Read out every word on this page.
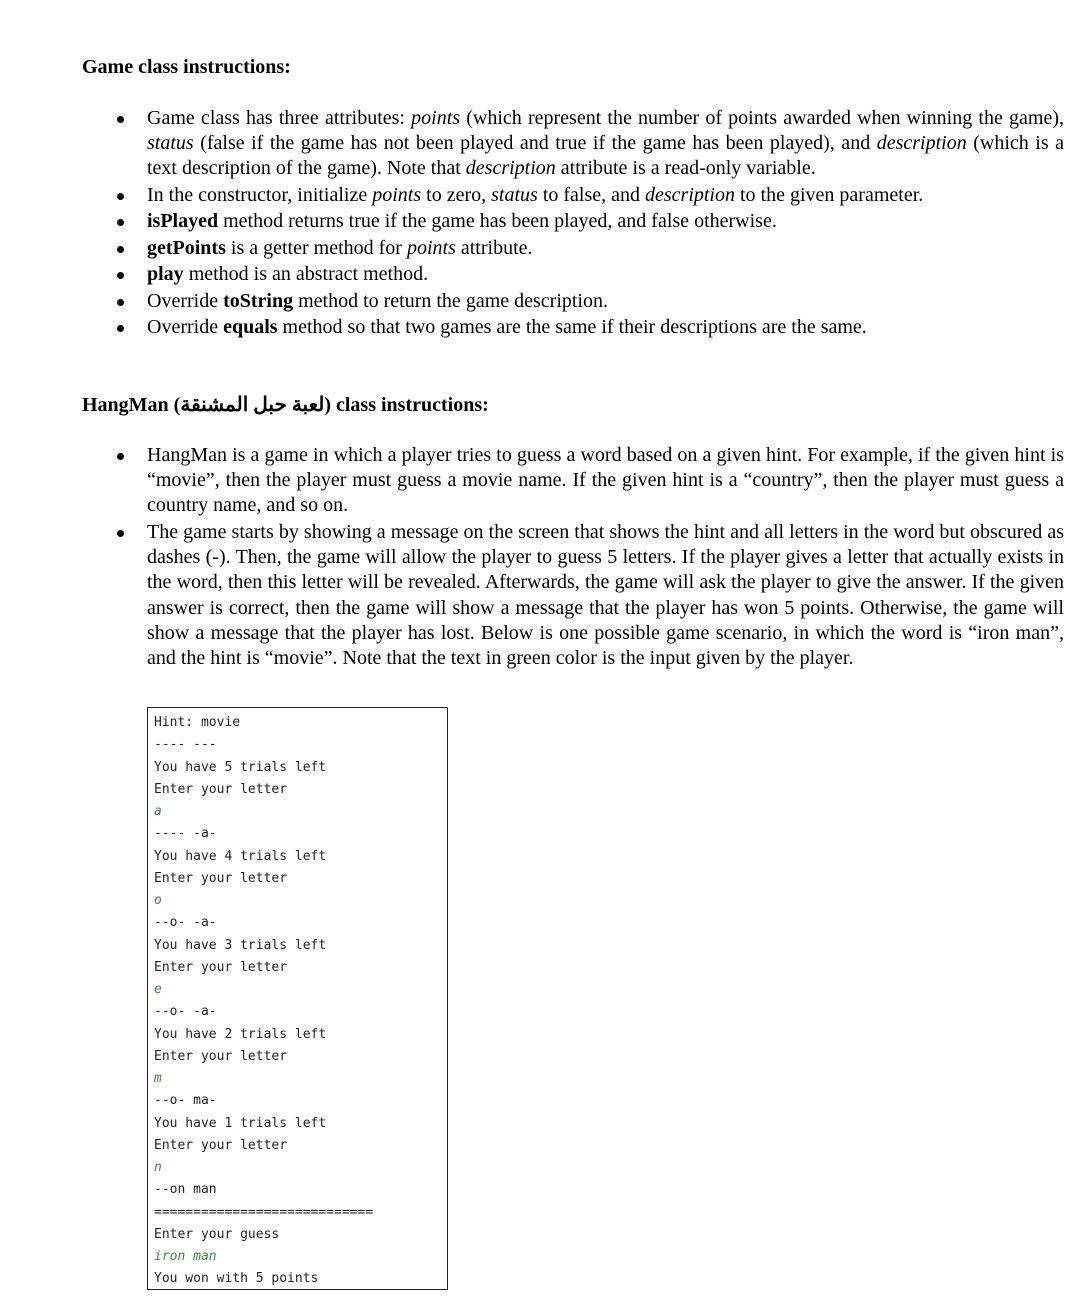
Game class instructions:
Game class has three attributes: points (which represent the number of points awarded when winning the game), status (false if the game has not been played and true if the game has been played), and description (which is a text description of the game). Note that description attribute is a read-only variable.
In the constructor, initialize points to zero, status to false, and description to the given parameter.
isPlayed method returns true if the game has been played, and false otherwise.
getPoints is a getter method for points attribute.
play method is an abstract method.
Override toString method to return the game description.
Override equals method so that two games are the same if their descriptions are the same.
HangMan (لعبة حبل المشنقة) class instructions:
HangMan is a game in which a player tries to guess a word based on a given hint. For example, if the given hint is “movie”, then the player must guess a movie name. If the given hint is a “country”, then the player must guess a country name, and so on.
The game starts by showing a message on the screen that shows the hint and all letters in the word but obscured as dashes (-). Then, the game will allow the player to guess 5 letters. If the player gives a letter that actually exists in the word, then this letter will be revealed. Afterwards, the game will ask the player to give the answer. If the given answer is correct, then the game will show a message that the player has won 5 points. Otherwise, the game will show a message that the player has lost. Below is one possible game scenario, in which the word is “iron man”, and the hint is “movie”. Note that the text in green color is the input given by the player.
Hint: movie
---- ---
You have 5 trials left
Enter your letter
a
---- -a-
You have 4 trials left
Enter your letter
o
--o- -a-
You have 3 trials left
Enter your letter
e
--o- -a-
You have 2 trials left
Enter your letter
m
--o- ma-
You have 1 trials left
Enter your letter
n
--on man
============================
Enter your guess
iron man
You won with 5 points
